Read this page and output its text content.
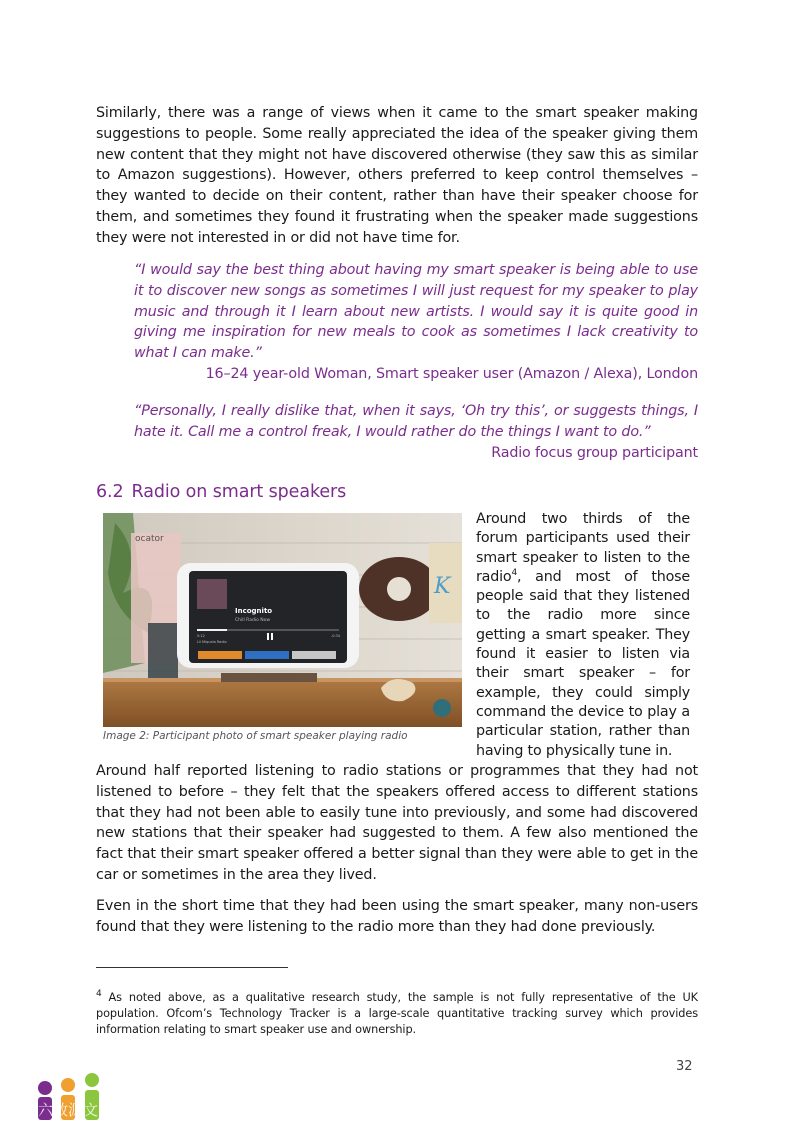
Similarly, there was a range of views when it came to the smart speaker making suggestions to people. Some really appreciated the idea of the speaker giving them new content that they might not have discovered otherwise (they saw this as similar to Amazon suggestions). However, others preferred to keep control themselves – they wanted to decide on their content, rather than have their speaker choose for them, and sometimes they found it frustrating when the speaker made suggestions they were not interested in or did not have time for.

“I would say the best thing about having my smart speaker is being able to use it to discover new songs as sometimes I will just request for my speaker to play music and through it I learn about new artists. I would say it is quite good in giving me inspiration for new meals to cook as sometimes I lack creativity to what I can make.”

16–24 year-old Woman, Smart speaker user (Amazon / Alexa), London

“Personally, I really dislike that, when it says, ‘Oh try this’, or suggests things, I hate it. Call me a control freak, I would rather do the things I want to do.”

Radio focus group participant

6.2 Radio on smart speakers
ocator
Incognito
Chill Radio Now
0:12	-0:34
Lil Miquela Radio
K

Image 2: Participant photo of smart speaker playing radio

Around two thirds of the forum participants used their smart speaker to listen to the radio$^4$, and most of those people said that they listened to the radio more since getting a smart speaker. They found it easier to listen via their smart speaker – for example, they could simply command the device to play a particular station, rather than having to physically tune in.

Around half reported listening to radio stations or programmes that they had not listened to before – they felt that the speakers offered access to different stations that they had not been able to easily tune into previously, and some had discovered new stations that their speaker had suggested to them. A few also mentioned the fact that their smart speaker offered a better signal than they were able to get in the car or sometimes in the area they lived.

Even in the short time that they had been using the smart speaker, many non-users found that they were listening to the radio more than they had done previously.

$^4$ As noted above, as a qualitative research study, the sample is not fully representative of the UK population. Ofcom’s Technology Tracker is a large-scale quantitative tracking survey which provides information relating to smart speaker use and ownership.

32
六数源文
